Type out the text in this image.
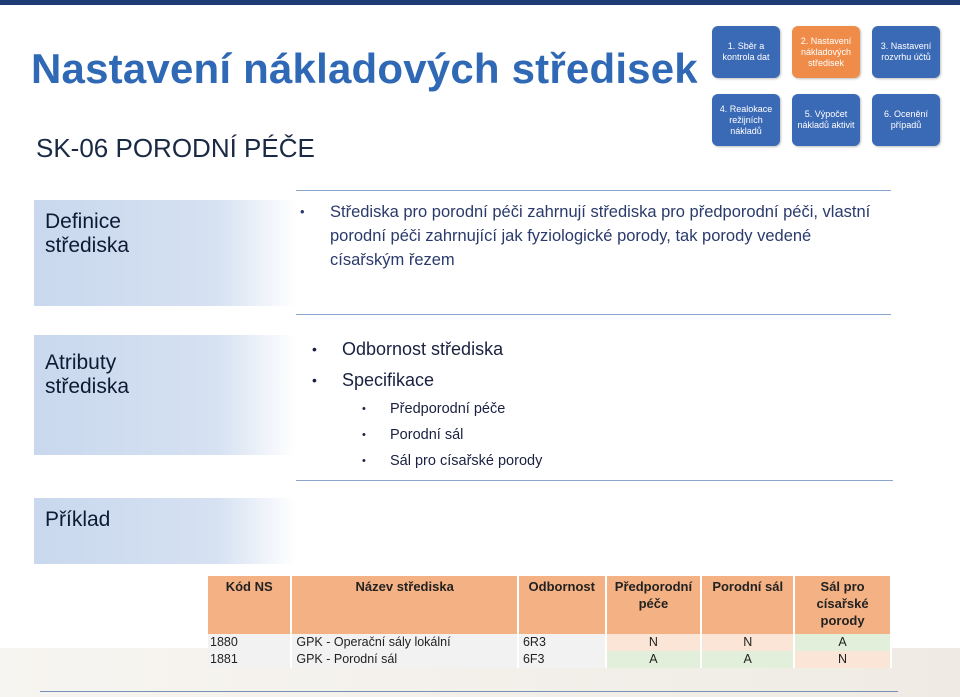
Nastavení nákladových středisek
SK-06 PORODNÍ PÉČE
1. Sběr a kontrola dat
2. Nastavení nákladových středisek
3. Nastavení rozvrhu účtů
4. Realokace režijních nákladů
5. Výpočet nákladů aktivit
6. Ocenění případů
Definice
střediska
• Střediska pro porodní péči zahrnují střediska pro předporodní péči, vlastní porodní péči zahrnující jak fyziologické porody, tak porody vedené císařským řezem
Atributy
střediska
• Odbornost střediska
• Specifikace
• Předporodní péče
• Porodní sál
• Sál pro císařské porody
Příklad
Kód NS	Název střediska	Odbornost	Předporodní péče	Porodní sál	Sál pro císařské porody
1880	GPK - Operační sály lokální	6R3	N	N	A
1881	GPK - Porodní sál	6F3	A	A	N
